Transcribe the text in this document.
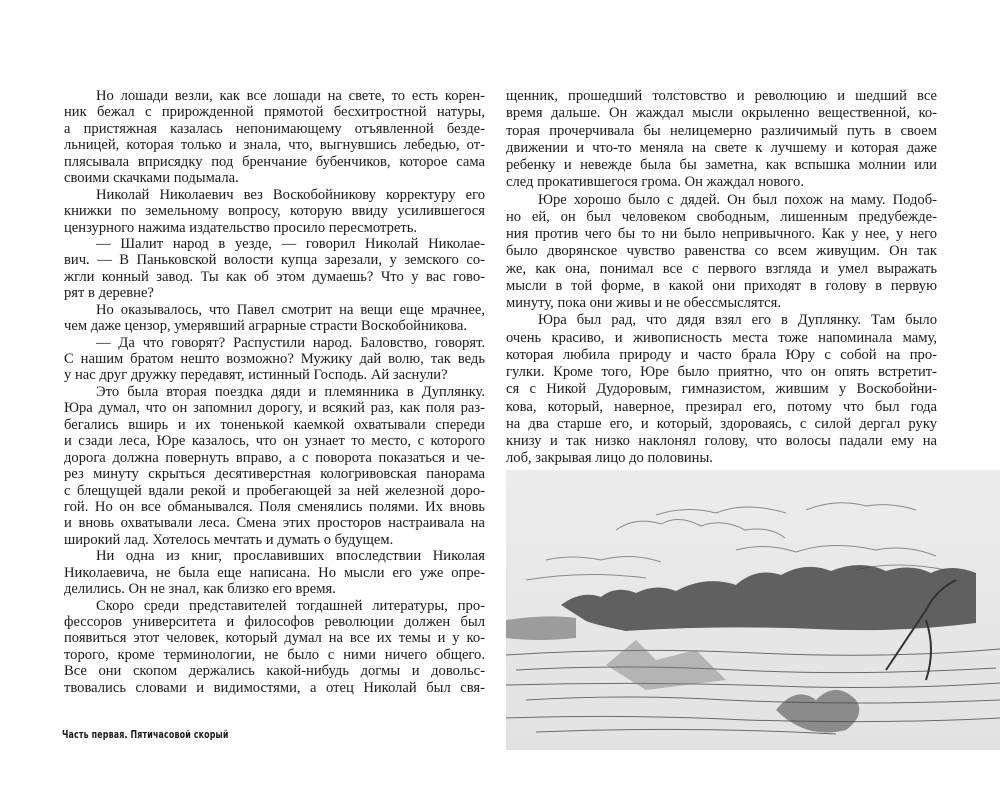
Но лошади везли, как все лошади на свете, то есть корен-
ник бежал с прирожденной прямотой бесхитростной натуры,
а пристяжная казалась непонимающему отъявленной безде-
льницей, которая только и знала, что, выгнувшись лебедью, от-
плясывала вприсядку под бренчание бубенчиков, которое сама
своими скачками подымала.
Николай Николаевич вез Воскобойникову корректуру его
книжки по земельному вопросу, которую ввиду усилившегося
цензурного нажима издательство просило пересмотреть.
— Шалит народ в уезде, — говорил Николай Николае-
вич. — В Паньковской волости купца зарезали, у земского со-
жгли конный завод. Ты как об этом думаешь? Что у вас гово-
рят в деревне?
Но оказывалось, что Павел смотрит на вещи еще мрачнее,
чем даже цензор, умерявший аграрные страсти Воскобойникова.
— Да что говорят? Распустили народ. Баловство, говорят.
С нашим братом нешто возможно? Мужику дай волю, так ведь
у нас друг дружку передавят, истинный Господь. Ай заснули?
Это была вторая поездка дяди и племянника в Дуплянку.
Юра думал, что он запомнил дорогу, и всякий раз, как поля раз-
бегались вширь и их тоненькой каемкой охватывали спереди
и сзади леса, Юре казалось, что он узнает то место, с которого
дорога должна повернуть вправо, а с поворота показаться и че-
рез минуту скрыться десятиверстная кологривовская панорама
с блещущей вдали рекой и пробегающей за ней железной доро-
гой. Но он все обманывался. Поля сменялись полями. Их вновь
и вновь охватывали леса. Смена этих просторов настраивала на
широкий лад. Хотелось мечтать и думать о будущем.
Ни одна из книг, прославивших впоследствии Николая
Николаевича, не была еще написана. Но мысли его уже опре-
делились. Он не знал, как близко его время.
Скоро среди представителей тогдашней литературы, про-
фессоров университета и философов революции должен был
появиться этот человек, который думал на все их темы и у ко-
торого, кроме терминологии, не было с ними ничего общего.
Все они скопом держались какой-нибудь догмы и довольс-
твовались словами и видимостями, а отец Николай был свя-
щенник, прошедший толстовство и революцию и шедший все
время дальше. Он жаждал мысли окрыленно вещественной, ко-
торая прочерчивала бы нелицемерно различимый путь в своем
движении и что-то меняла на свете к лучшему и которая даже
ребенку и невежде была бы заметна, как вспышка молнии или
след прокатившегося грома. Он жаждал нового.
Юре хорошо было с дядей. Он был похож на маму. Подоб-
но ей, он был человеком свободным, лишенным предубежде-
ния против чего бы то ни было непривычного. Как у нее, у него
было дворянское чувство равенства со всем живущим. Он так
же, как она, понимал все с первого взгляда и умел выражать
мысли в той форме, в какой они приходят в голову в первую
минуту, пока они живы и не обессмыслятся.
Юра был рад, что дядя взял его в Дуплянку. Там было
очень красиво, и живописность места тоже напоминала маму,
которая любила природу и часто брала Юру с собой на про-
гулки. Кроме того, Юре было приятно, что он опять встретит-
ся с Никой Дудоровым, гимназистом, жившим у Воскобойни-
кова, который, наверное, презирал его, потому что был года
на два старше его, и который, здороваясь, с силой дергал руку
книзу и так низко наклонял голову, что волосы падали ему на
лоб, закрывая лицо до половины.
Часть первая. Пятичасовой скорый
